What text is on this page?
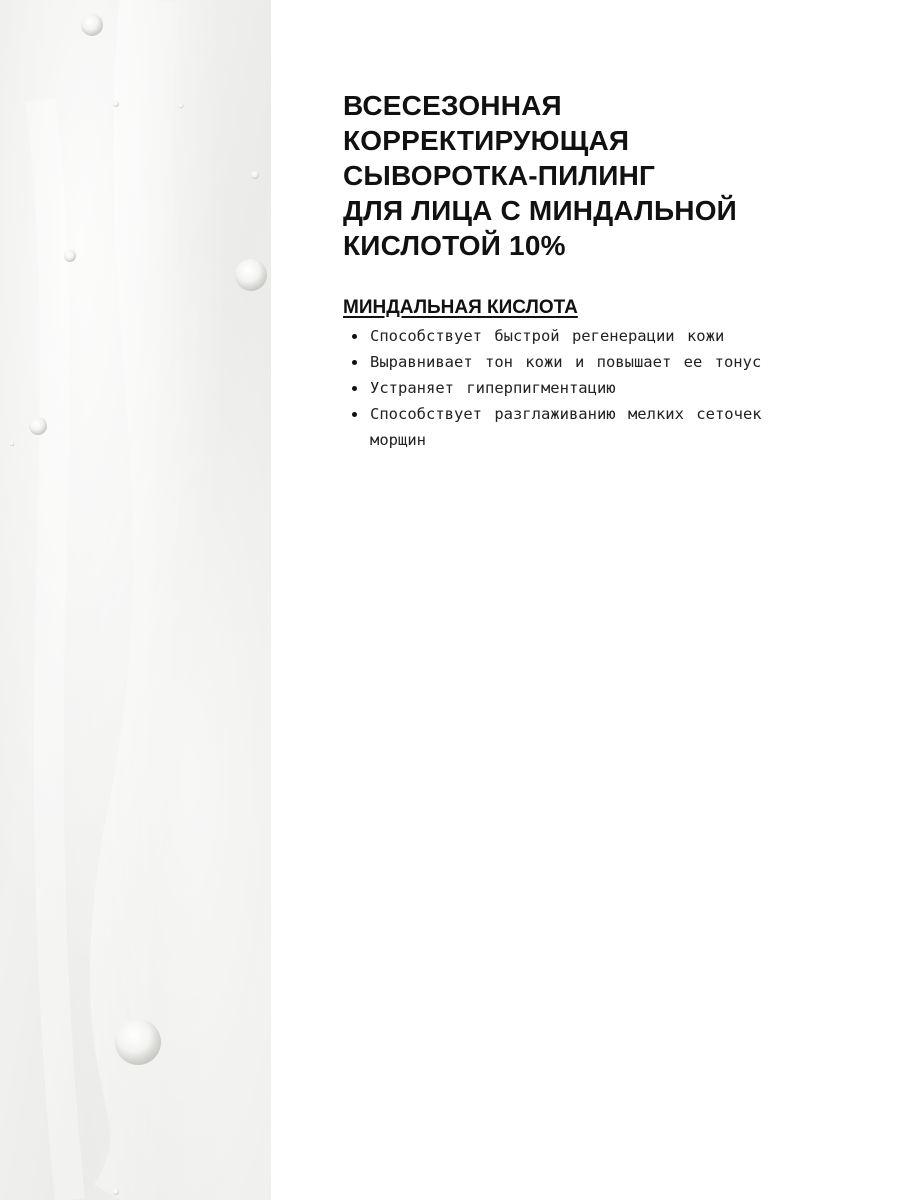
ВСЕСЕЗОННАЯ
КОРРЕКТИРУЮЩАЯ
СЫВОРОТКА-ПИЛИНГ
ДЛЯ ЛИЦА С МИНДАЛЬНОЙ
КИСЛОТОЙ 10%
МИНДАЛЬНАЯ КИСЛОТА
Способствует быстрой регенерации кожи
Выравнивает тон кожи и повышает ее тонус
Устраняет гиперпигментацию
Способствует разглаживанию мелких сеточек морщин
